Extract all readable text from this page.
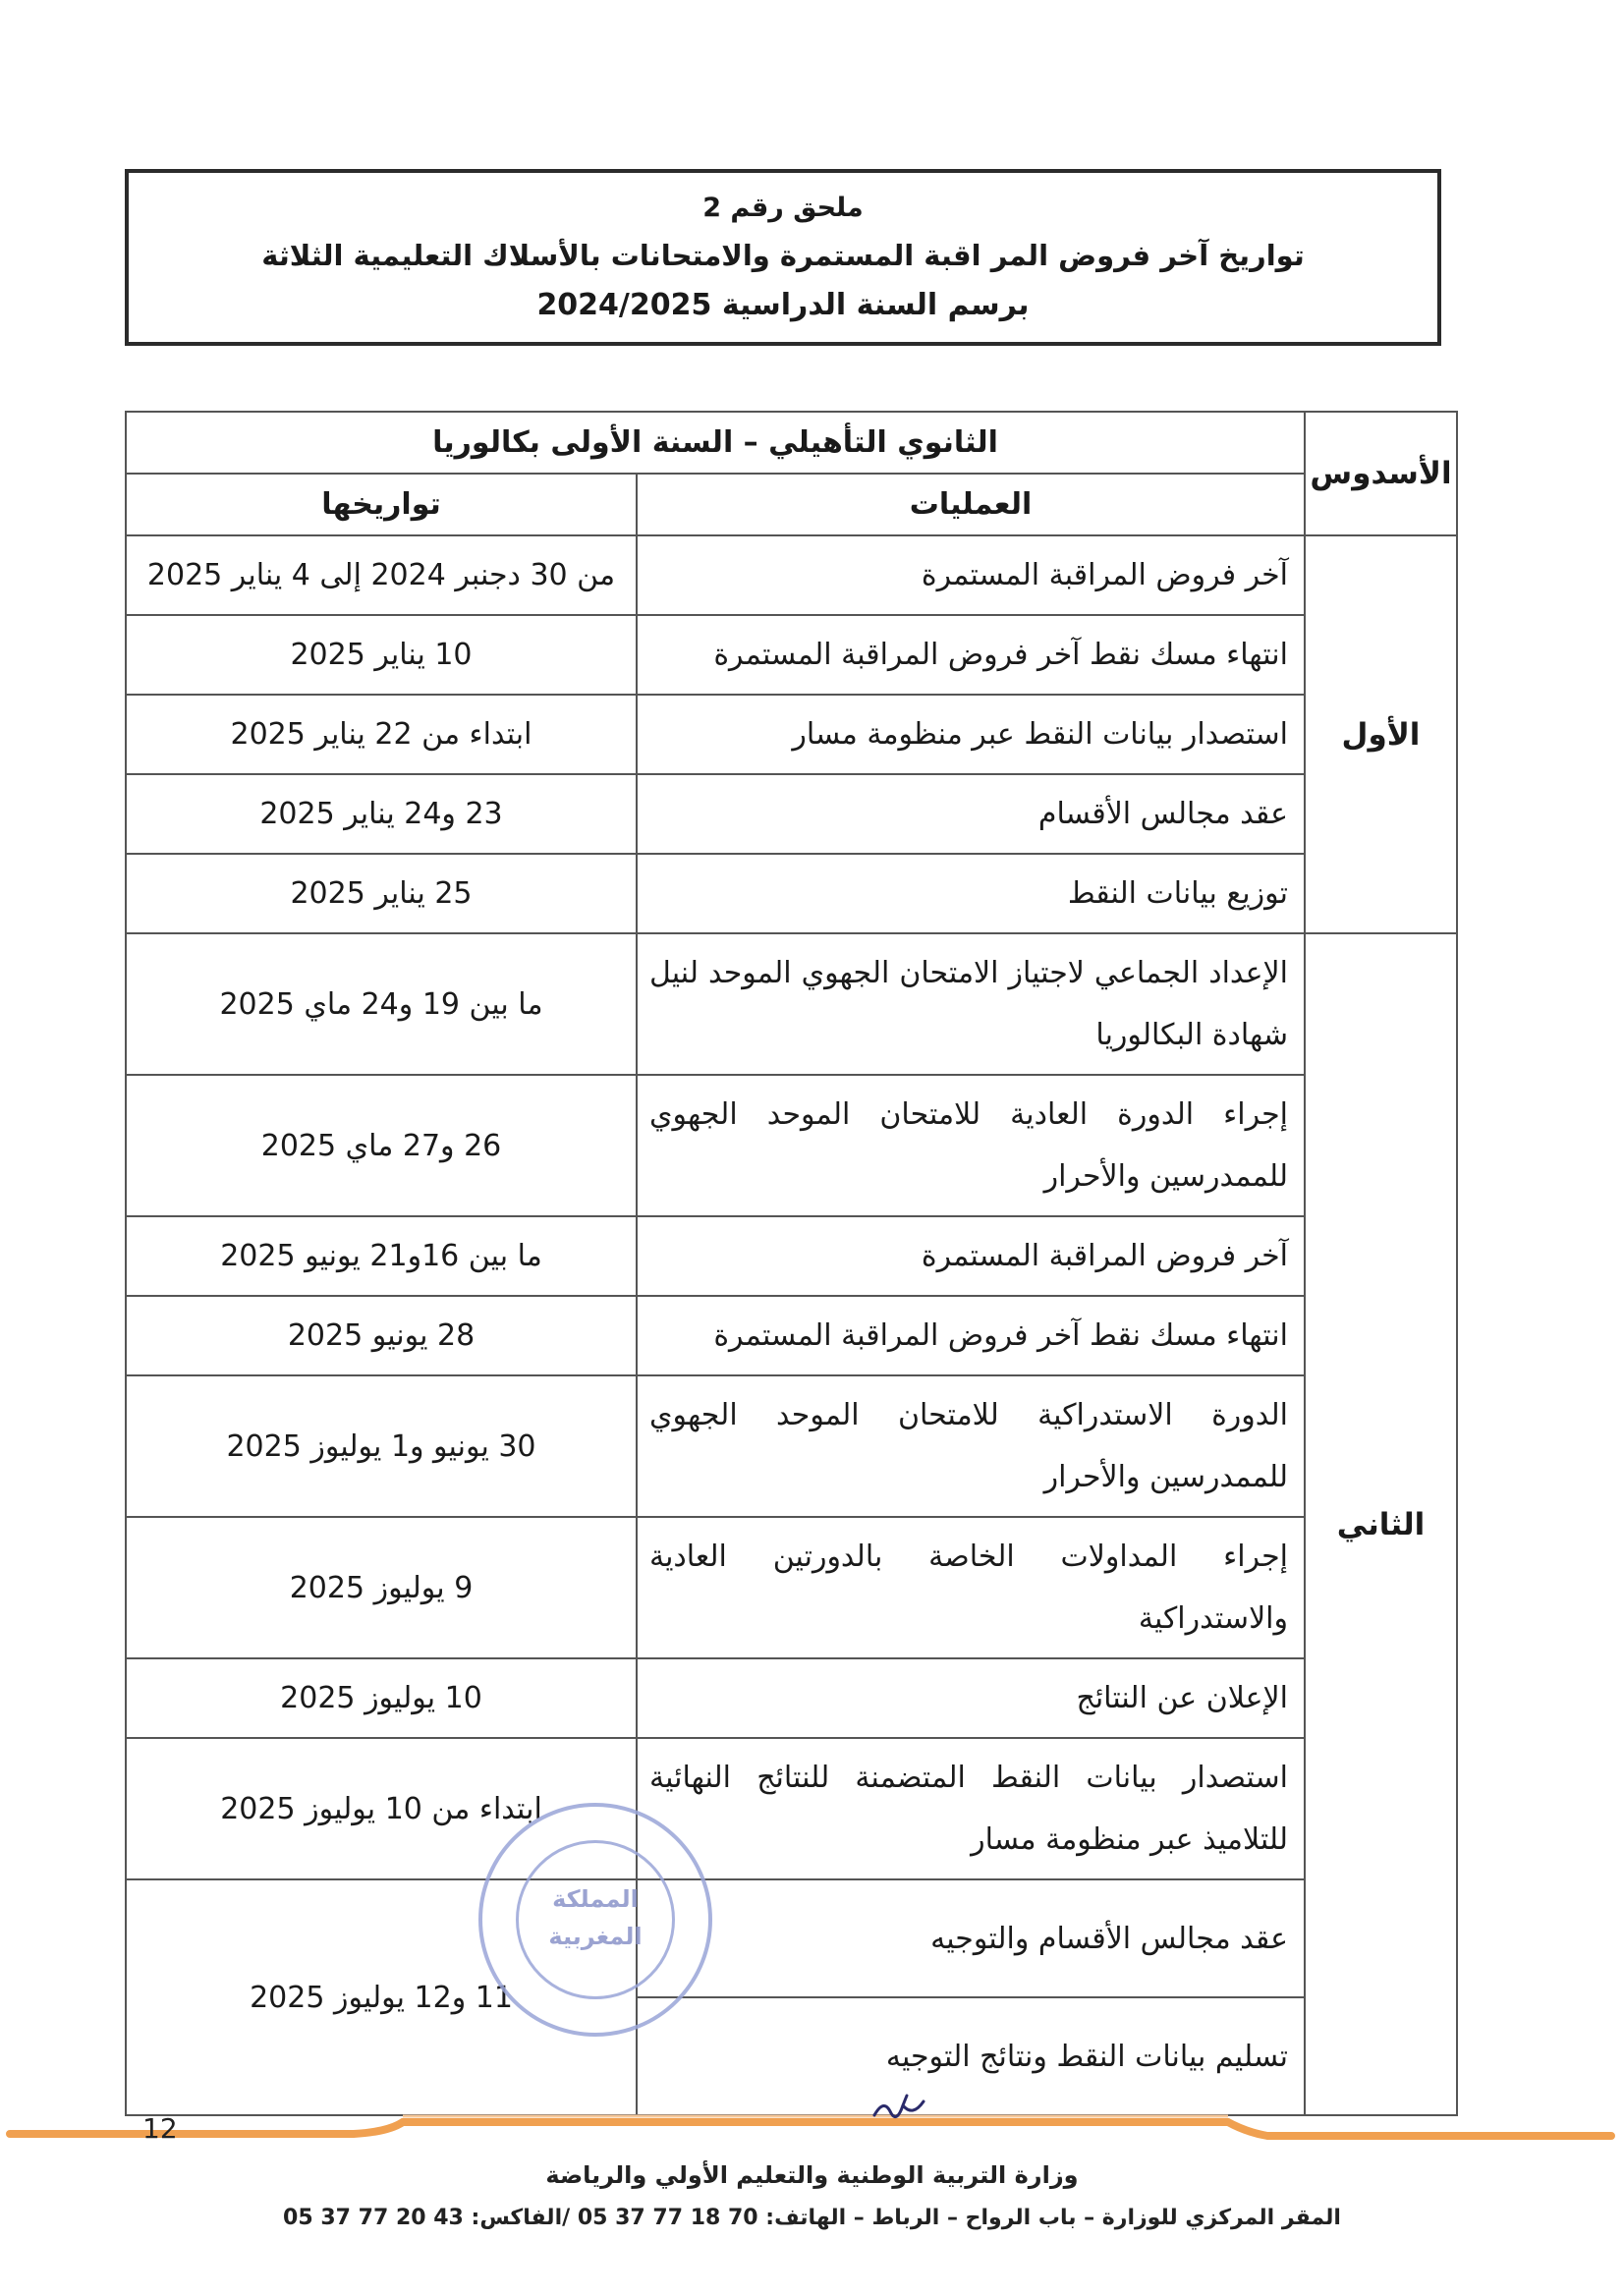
ملحق رقم 2
تواريخ آخر فروض المر اقبة المستمرة والامتحانات بالأسلاك التعليمية الثلاثة
برسم السنة الدراسية 2024/2025
الأسدوس	الثانوي التأهيلي – السنة الأولى بكالوريا	
	العمليات	تواريخها
الأول	آخر فروض المراقبة المستمرة	من 30 دجنبر 2024 إلى 4 يناير 2025
	انتهاء مسك نقط آخر فروض المراقبة المستمرة	10 يناير 2025
	استصدار بيانات النقط عبر منظومة مسار	ابتداء من 22 يناير 2025
	عقد مجالس الأقسام	23 و24 يناير 2025
	توزيع بيانات النقط	25 يناير 2025
الثاني	الإعداد الجماعي لاجتياز الامتحان الجهوي الموحد لنيل شهادة البكالوريا	ما بين 19 و24 ماي 2025
	إجراء الدورة العادية للامتحان الموحد الجهوي للممدرسين والأحرار	26 و27 ماي 2025
	آخر فروض المراقبة المستمرة	ما بين 16و21 يونيو 2025
	انتهاء مسك نقط آخر فروض المراقبة المستمرة	28 يونيو 2025
	الدورة الاستدراكية للامتحان الموحد الجهوي للممدرسين والأحرار	30 يونيو و1 يوليوز 2025
	إجراء المداولات الخاصة بالدورتين العادية والاستدراكية	9 يوليوز 2025
	الإعلان عن النتائج	10 يوليوز 2025
	استصدار بيانات النقط المتضمنة للنتائج النهائية للتلاميذ عبر منظومة مسار	ابتداء من 10 يوليوز 2025
	عقد مجالس الأقسام والتوجيه	11 و12 يوليوز 2025
	تسليم بيانات النقط ونتائج التوجيه	
المملكة
المغربية
12
وزارة التربية الوطنية والتعليم الأولي والرياضة
المقر المركزي للوزارة – باب الرواح – الرباط – الهاتف: 70 18 77 37 05 /الفاكس: 43 20 77 37 05
